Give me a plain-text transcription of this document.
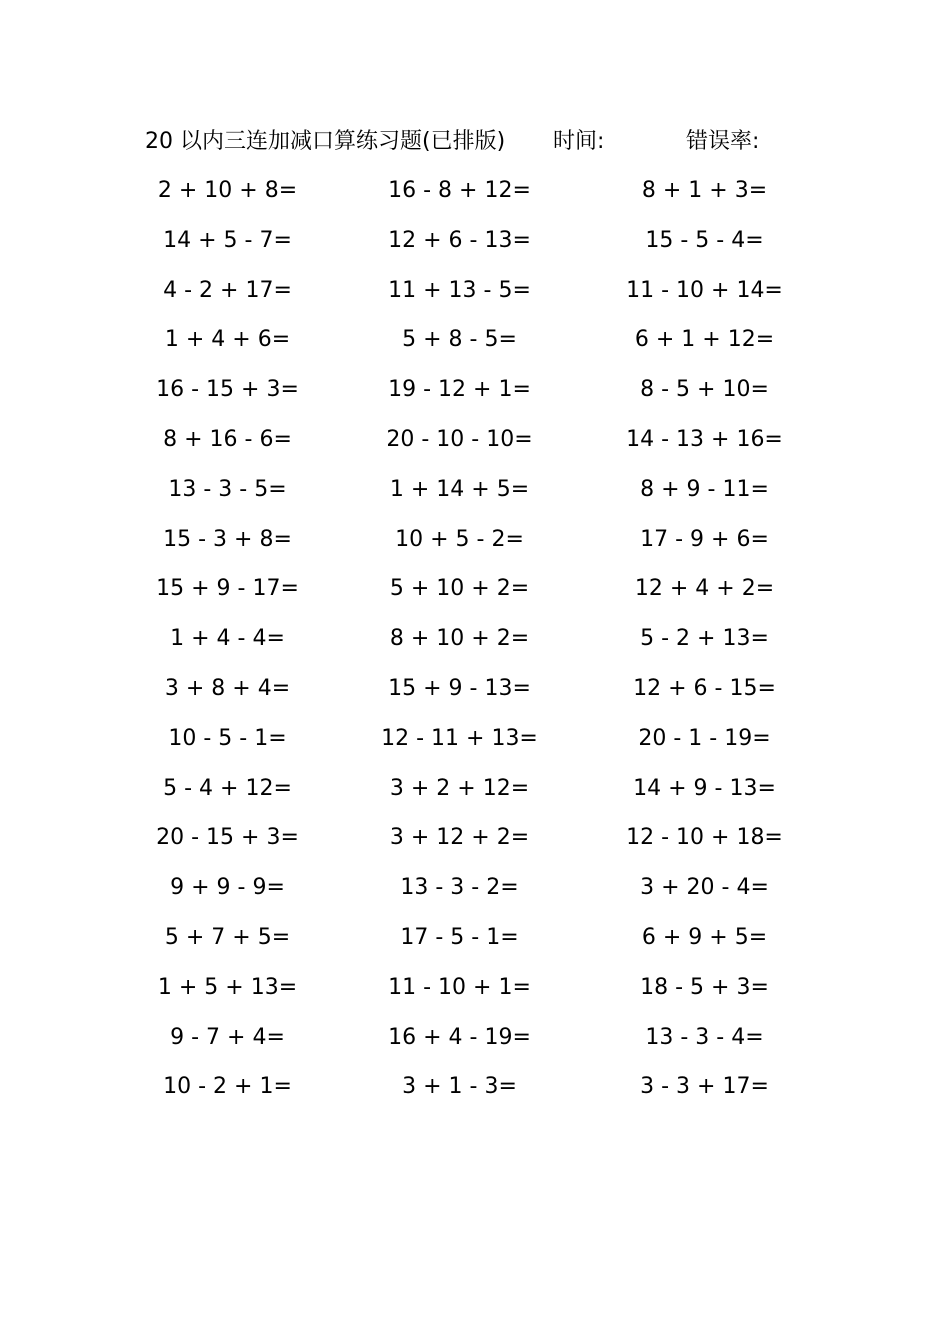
20 以内三连加减口算练习题(已排版) 时间:	错误率:
2 + 10 + 8=	16 - 8 + 12=	8 + 1 + 3=
14 + 5 - 7=	12 + 6 - 13=	15 - 5 - 4=
4 - 2 + 17=	11 + 13 - 5=	11 - 10 + 14=
1 + 4 + 6=	5 + 8 - 5=	6 + 1 + 12=
16 - 15 + 3=	19 - 12 + 1=	8 - 5 + 10=
8 + 16 - 6=	20 - 10 - 10=	14 - 13 + 16=
13 - 3 - 5=	1 + 14 + 5=	8 + 9 - 11=
15 - 3 + 8=	10 + 5 - 2=	17 - 9 + 6=
15 + 9 - 17=	5 + 10 + 2=	12 + 4 + 2=
1 + 4 - 4=	8 + 10 + 2=	5 - 2 + 13=
3 + 8 + 4=	15 + 9 - 13=	12 + 6 - 15=
10 - 5 - 1=	12 - 11 + 13=	20 - 1 - 19=
5 - 4 + 12=	3 + 2 + 12=	14 + 9 - 13=
20 - 15 + 3=	3 + 12 + 2=	12 - 10 + 18=
9 + 9 - 9=	13 - 3 - 2=	3 + 20 - 4=
5 + 7 + 5=	17 - 5 - 1=	6 + 9 + 5=
1 + 5 + 13=	11 - 10 + 1=	18 - 5 + 3=
9 - 7 + 4=	16 + 4 - 19=	13 - 3 - 4=
10 - 2 + 1=	3 + 1 - 3=	3 - 3 + 17=
